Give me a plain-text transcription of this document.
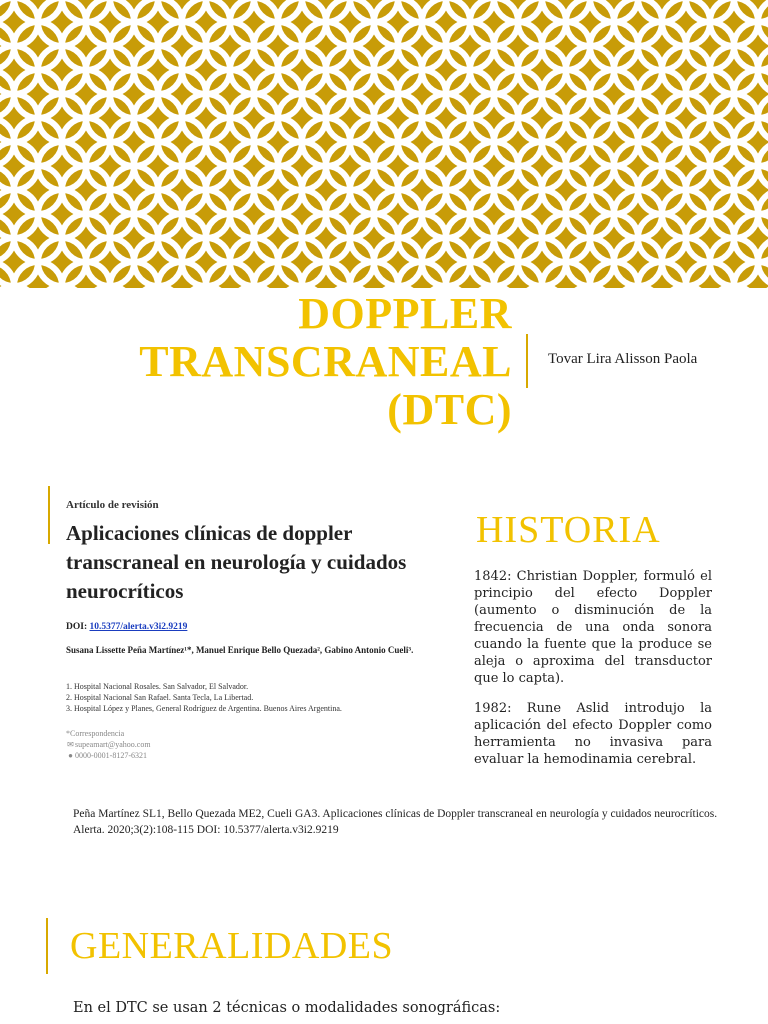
DOPPLER
TRANSCRANEAL
(DTC)
Tovar Lira Alisson Paola
Artículo de revisión
Aplicaciones clínicas de doppler
transcraneal en neurología y cuidados
neurocríticos
DOI: 10.5377/alerta.v3i2.9219
Susana Lissette Peña Martínez¹*, Manuel Enrique Bello Quezada², Gabino Antonio Cueli³.
1. Hospital Nacional Rosales. San Salvador, El Salvador.
2. Hospital Nacional San Rafael. Santa Tecla, La Libertad.
3. Hospital López y Planes, General Rodríguez de Argentina. Buenos Aires Argentina.
*Correspondencia
✉supeamart@yahoo.com
● 0000-0001-8127-6321
HISTORIA
1842: Christian Doppler, formuló el principio del efecto Doppler (aumento o disminución de la frecuencia de una onda sonora cuando la fuente que la produce se aleja o aproxima del transductor que lo capta).
1982: Rune Aslid introdujo la aplicación del efecto Doppler como herramienta no invasiva para evaluar la hemodinamia cerebral.
Peña Martínez SL1, Bello Quezada ME2, Cueli GA3. Aplicaciones clínicas de Doppler transcraneal en neurología y cuidados neurocríticos. Alerta. 2020;3(2):108-115 DOI: 10.5377/alerta.v3i2.9219
GENERALIDADES
En el DTC se usan 2 técnicas o modalidades sonográficas:
